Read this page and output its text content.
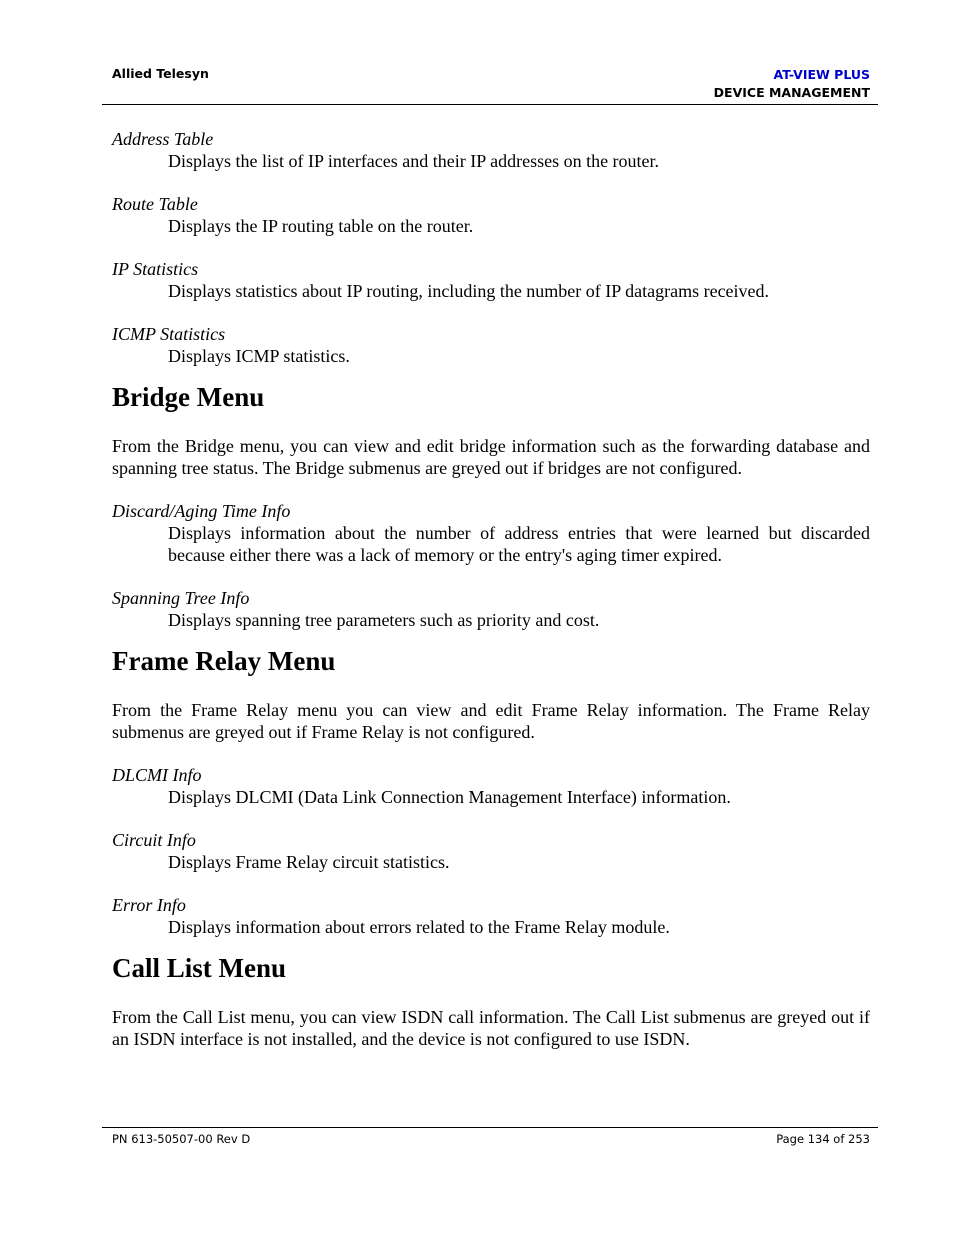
Allied Telesyn	AT-VIEW PLUS
DEVICE MANAGEMENT

Address Table

Displays the list of IP interfaces and their IP addresses on the router.

Route Table

Displays the IP routing table on the router.

IP Statistics

Displays statistics about IP routing, including the number of IP datagrams received.

ICMP Statistics

Displays ICMP statistics.

Bridge Menu

From the Bridge menu, you can view and edit bridge information such as the forwarding database and spanning tree status. The Bridge submenus are greyed out if bridges are not configured.

Discard/Aging Time Info

Displays information about the number of address entries that were learned but discarded because either there was a lack of memory or the entry's aging timer expired.

Spanning Tree Info

Displays spanning tree parameters such as priority and cost.

Frame Relay Menu

From the Frame Relay menu you can view and edit Frame Relay information. The Frame Relay submenus are greyed out if Frame Relay is not configured.

DLCMI Info

Displays DLCMI (Data Link Connection Management Interface) information.

Circuit Info

Displays Frame Relay circuit statistics.

Error Info

Displays information about errors related to the Frame Relay module.

Call List Menu

From the Call List menu, you can view ISDN call information. The Call List submenus are greyed out if an ISDN interface is not installed, and the device is not configured to use ISDN.

PN 613-50507-00 Rev D	Page 134 of 253
